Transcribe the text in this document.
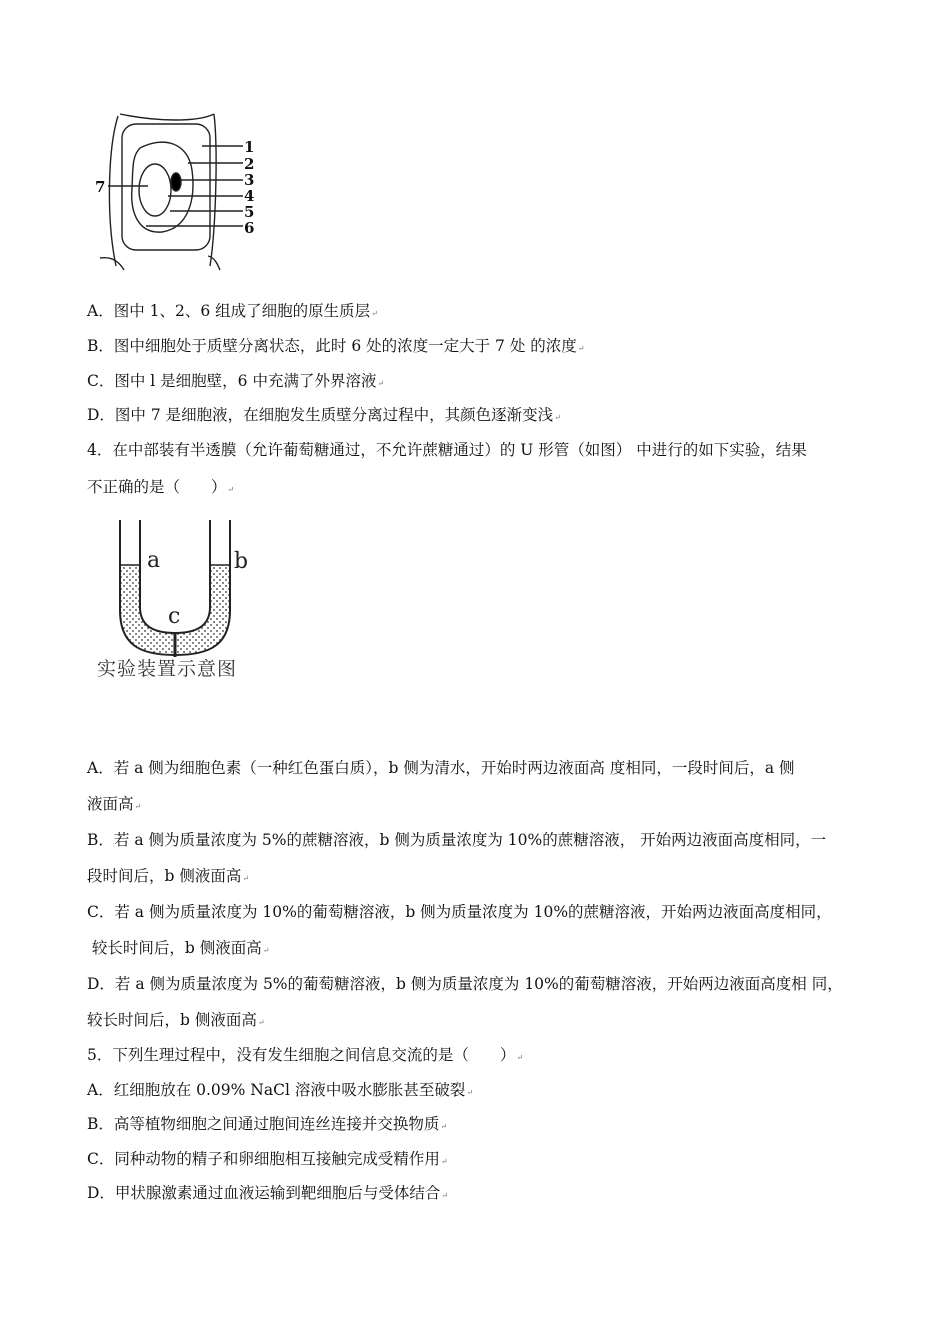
1
2
3
4
5
6
7
A．图中 1、2、6 组成了细胞的原生质层↵
B．图中细胞处于质壁分离状态，此时 6 处的浓度一定大于 7 处 的浓度↵
C．图中 l 是细胞壁，6 中充满了外界溶液↵
D．图中 7 是细胞液，在细胞发生质壁分离过程中，其颜色逐渐变浅↵
4．在中部装有半透膜（允许葡萄糖通过，不允许蔗糖通过）的 U 形管（如图） 中进行的如下实验，结果
不正确的是（　　）↵
a	b
c
实验装置示意图
A．若 a 侧为细胞色素（一种红色蛋白质），b 侧为清水，开始时两边液面高 度相同，一段时间后，a 侧
液面高↵
B．若 a 侧为质量浓度为 5%的蔗糖溶液，b 侧为质量浓度为 10%的蔗糖溶液， 开始两边液面高度相同，一
段时间后，b 侧液面高↵
C．若 a 侧为质量浓度为 10%的葡萄糖溶液，b 侧为质量浓度为 10%的蔗糖溶液，开始两边液面高度相同，
较长时间后，b 侧液面高↵
D．若 a 侧为质量浓度为 5%的葡萄糖溶液，b 侧为质量浓度为 10%的葡萄糖溶液，开始两边液面高度相 同，
较长时间后，b 侧液面高↵
5．下列生理过程中，没有发生细胞之间信息交流的是（　　）↵
A．红细胞放在 0.09% NaCl 溶液中吸水膨胀甚至破裂↵
B．高等植物细胞之间通过胞间连丝连接并交换物质↵
C．同种动物的精子和卵细胞相互接触完成受精作用↵
D．甲状腺激素通过血液运输到靶细胞后与受体结合↵
